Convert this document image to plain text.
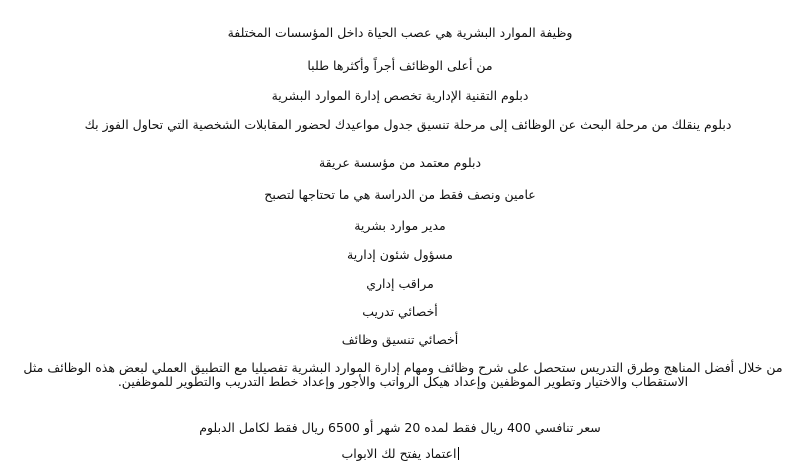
وظيفة الموارد البشرية هي عصب الحياة داخل المؤسسات المختلفة
من أعلى الوظائف أجراً وأكثرها طلبا
دبلوم التقنية الإدارية تخصص إدارة الموارد البشرية
دبلوم ينقلك من مرحلة البحث عن الوظائف إلى مرحلة تنسيق جدول مواعيدك لحضور المقابلات الشخصية التي تحاول الفوز بك
دبلوم معتمد من مؤسسة عريقة
عامين ونصف فقط من الدراسة هي ما تحتاجها لتصبح
مدير موارد بشرية
مسؤول شئون إدارية
مراقب إداري
أخصائي تدريب
أخصائي تنسيق وظائف
من خلال أفضل المناهج وطرق التدريس ستحصل على شرح وظائف ومهام إدارة الموارد البشرية تفصيليا مع التطبيق العملي لبعض هذه الوظائف مثل الاستقطاب والاختيار وتطوير الموظفين وإعداد هيكل الرواتب والأجور وإعداد خطط التدريب والتطوير للموظفين.
سعر تنافسي 400 ريال فقط لمده 20 شهر أو 6500 ريال فقط لكامل الدبلوم
اعتماد يفتح لك الابواب
